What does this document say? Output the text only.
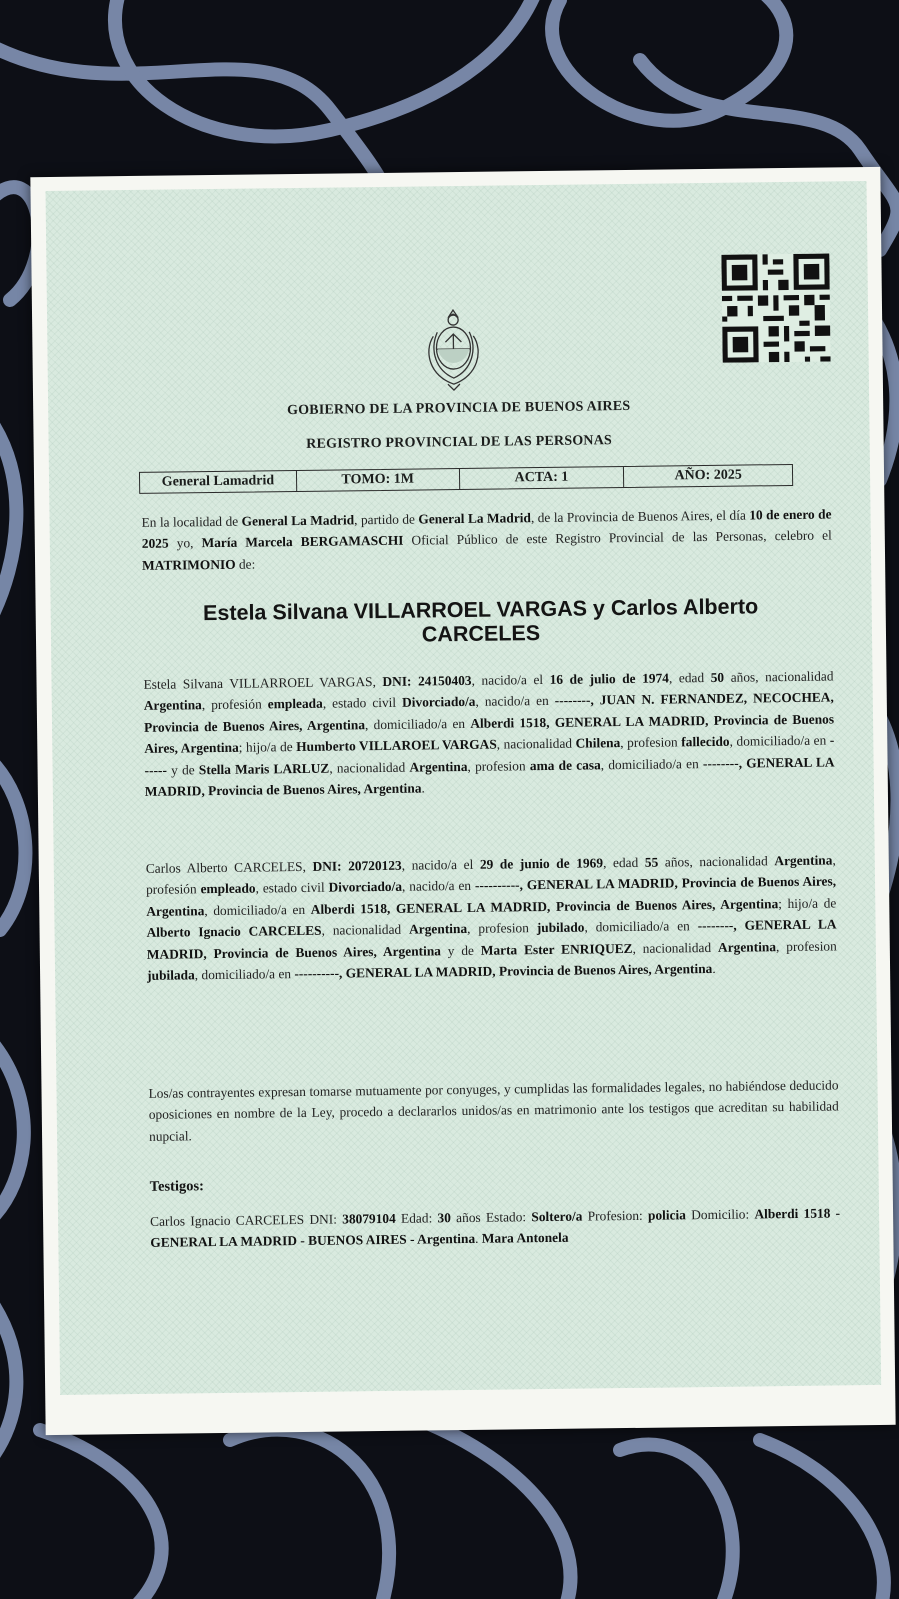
GOBIERNO DE LA PROVINCIA DE BUENOS AIRES
REGISTRO PROVINCIAL DE LAS PERSONAS
General Lamadrid	TOMO: 1M	ACTA: 1	AÑO: 2025
En la localidad de General La Madrid, partido de General La Madrid, de la Provincia de Buenos Aires, el día 10 de enero de 2025 yo, María Marcela BERGAMASCHI Oficial Público de este Registro Provincial de las Personas, celebro el MATRIMONIO de:
Estela Silvana VILLARROEL VARGAS y Carlos Alberto CARCELES
Estela Silvana VILLARROEL VARGAS, DNI: 24150403, nacido/a el 16 de julio de 1974, edad 50 años, nacionalidad Argentina, profesión empleada, estado civil Divorciado/a, nacido/a en --------, JUAN N. FERNANDEZ, NECOCHEA, Provincia de Buenos Aires, Argentina, domiciliado/a en Alberdi 1518, GENERAL LA MADRID, Provincia de Buenos Aires, Argentina; hijo/a de Humberto VILLAROEL VARGAS, nacionalidad Chilena, profesion fallecido, domiciliado/a en ------ y de Stella Maris LARLUZ, nacionalidad Argentina, profesion ama de casa, domiciliado/a en --------, GENERAL LA MADRID, Provincia de Buenos Aires, Argentina.
Carlos Alberto CARCELES, DNI: 20720123, nacido/a el 29 de junio de 1969, edad 55 años, nacionalidad Argentina, profesión empleado, estado civil Divorciado/a, nacido/a en ----------, GENERAL LA MADRID, Provincia de Buenos Aires, Argentina, domiciliado/a en Alberdi 1518, GENERAL LA MADRID, Provincia de Buenos Aires, Argentina; hijo/a de Alberto Ignacio CARCELES, nacionalidad Argentina, profesion jubilado, domiciliado/a en --------, GENERAL LA MADRID, Provincia de Buenos Aires, Argentina y de Marta Ester ENRIQUEZ, nacionalidad Argentina, profesion jubilada, domiciliado/a en ----------, GENERAL LA MADRID, Provincia de Buenos Aires, Argentina.
Los/as contrayentes expresan tomarse mutuamente por conyuges, y cumplidas las formalidades legales, no habiéndose deducido oposiciones en nombre de la Ley, procedo a declararlos unidos/as en matrimonio ante los testigos que acreditan su habilidad nupcial.
Testigos:
Carlos Ignacio CARCELES DNI: 38079104 Edad: 30 años Estado: Soltero/a Profesion: policia Domicilio: Alberdi 1518 - GENERAL LA MADRID - BUENOS AIRES - Argentina. Mara Antonela
